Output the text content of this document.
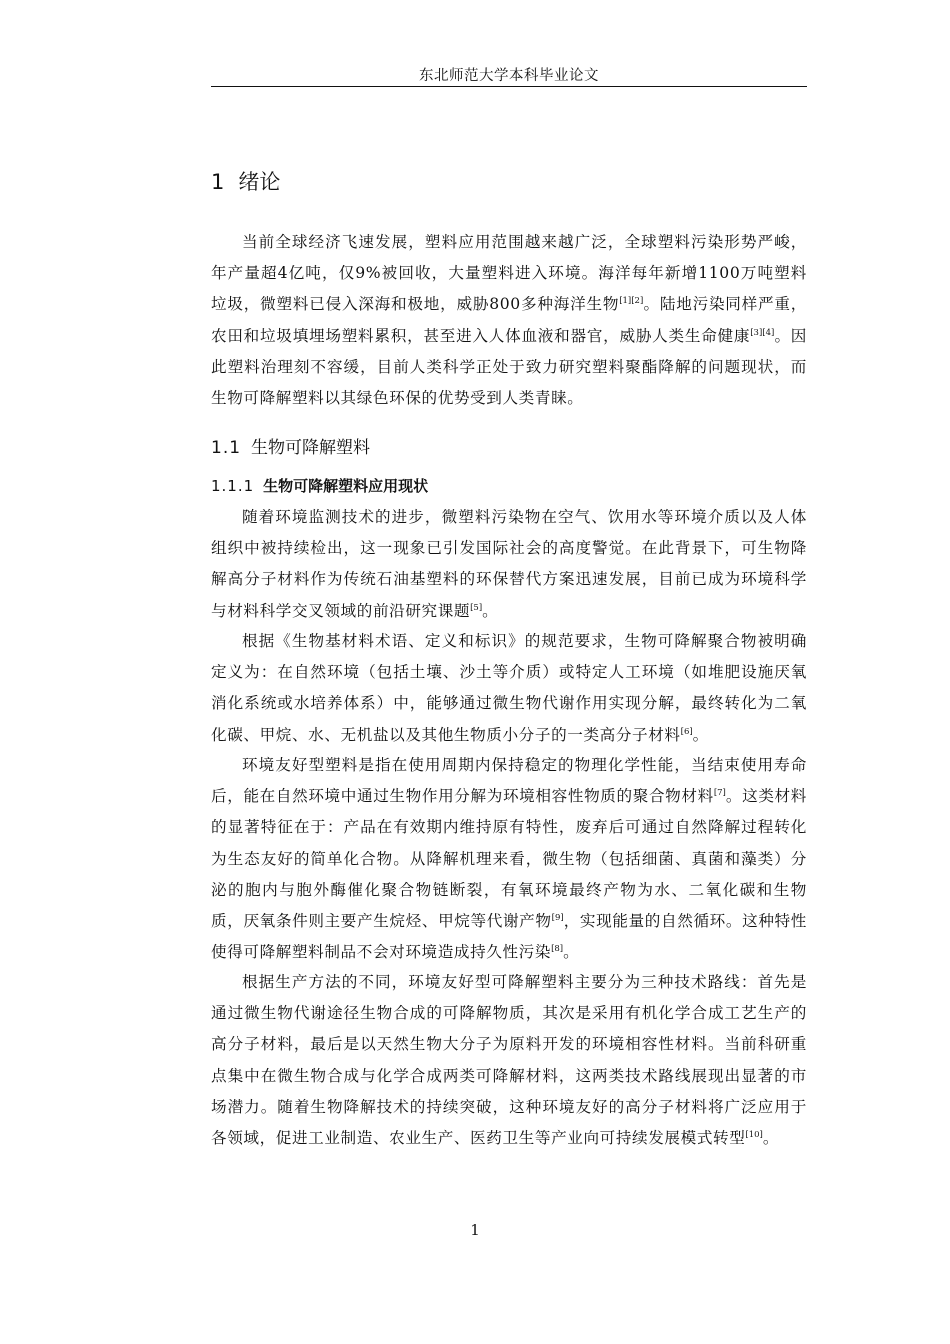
东北师范大学本科毕业论文
1 绪论

当前全球经济飞速发展，塑料应用范围越来越广泛，全球塑料污染形势严峻，年产量超4亿吨，仅9%被回收，大量塑料进入环境。海洋每年新增1100万吨塑料垃圾，微塑料已侵入深海和极地，威胁800多种海洋生物[1][2]。陆地污染同样严重，农田和垃圾填埋场塑料累积，甚至进入人体血液和器官，威胁人类生命健康[3][4]。因此塑料治理刻不容缓，目前人类科学正处于致力研究塑料聚酯降解的问题现状，而生物可降解塑料以其绿色环保的优势受到人类青睐。

1.1 生物可降解塑料
1.1.1 生物可降解塑料应用现状

随着环境监测技术的进步，微塑料污染物在空气、饮用水等环境介质以及人体组织中被持续检出，这一现象已引发国际社会的高度警觉。在此背景下，可生物降解高分子材料作为传统石油基塑料的环保替代方案迅速发展，目前已成为环境科学与材料科学交叉领域的前沿研究课题[5]。

根据《生物基材料术语、定义和标识》的规范要求，生物可降解聚合物被明确定义为：在自然环境（包括土壤、沙土等介质）或特定人工环境（如堆肥设施厌氧消化系统或水培养体系）中，能够通过微生物代谢作用实现分解，最终转化为二氧化碳、甲烷、水、无机盐以及其他生物质小分子的一类高分子材料[6]。

环境友好型塑料是指在使用周期内保持稳定的物理化学性能，当结束使用寿命后，能在自然环境中通过生物作用分解为环境相容性物质的聚合物材料[7]。这类材料的显著特征在于：产品在有效期内维持原有特性，废弃后可通过自然降解过程转化为生态友好的简单化合物。从降解机理来看，微生物（包括细菌、真菌和藻类）分泌的胞内与胞外酶催化聚合物链断裂，有氧环境最终产物为水、二氧化碳和生物质，厌氧条件则主要产生烷烃、甲烷等代谢产物[9]，实现能量的自然循环。这种特性使得可降解塑料制品不会对环境造成持久性污染[8]。

根据生产方法的不同，环境友好型可降解塑料主要分为三种技术路线：首先是通过微生物代谢途径生物合成的可降解物质，其次是采用有机化学合成工艺生产的高分子材料，最后是以天然生物大分子为原料开发的环境相容性材料。当前科研重点集中在微生物合成与化学合成两类可降解材料，这两类技术路线展现出显著的市场潜力。随着生物降解技术的持续突破，这种环境友好的高分子材料将广泛应用于各领域，促进工业制造、农业生产、医药卫生等产业向可持续发展模式转型[10]。

1
